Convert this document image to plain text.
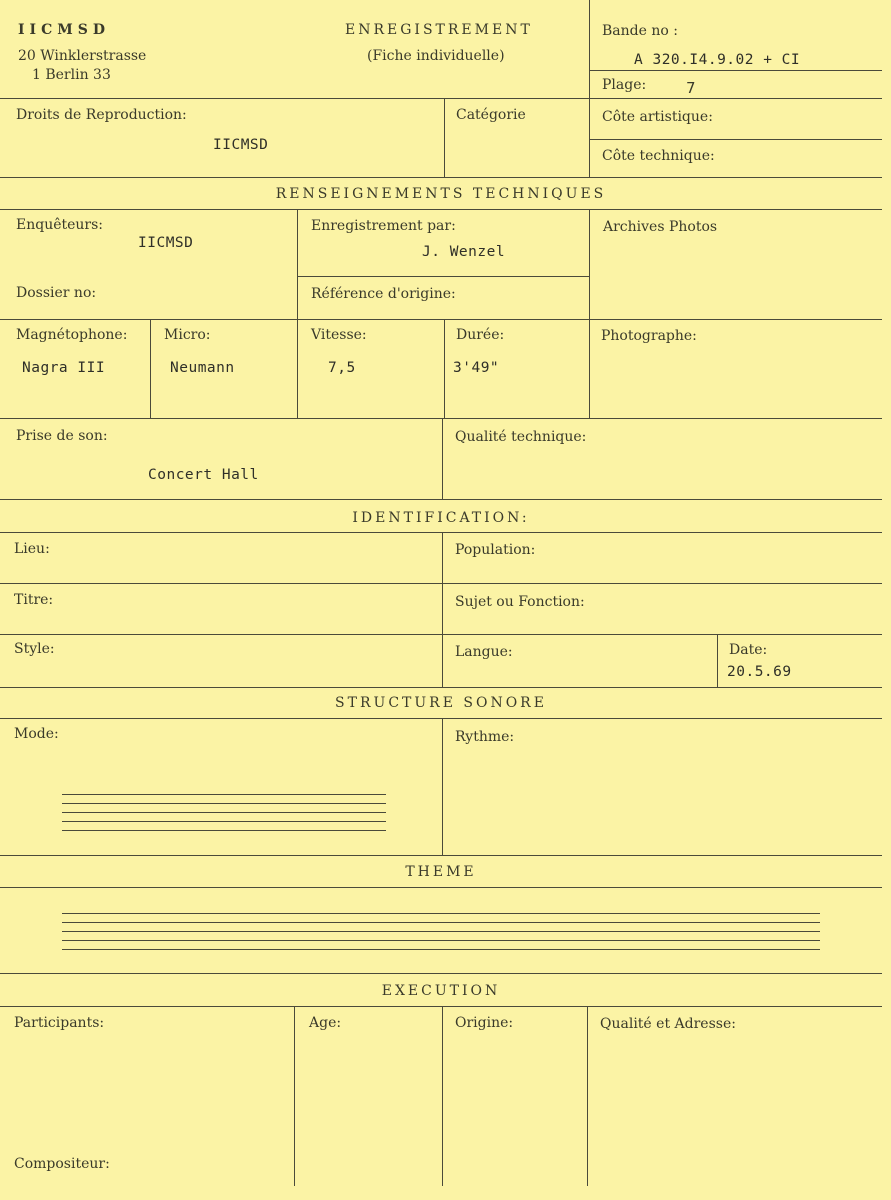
IICMSD
20 Winklerstrasse
1 Berlin 33
ENREGISTREMENT
(Fiche individuelle)
Bande no :
A 320.I4.9.02 + CI
Plage:	7
Droits de Reproduction:
IICMSD
Catégorie	Côte artistique:
Côte technique:
RENSEIGNEMENTS TECHNIQUES
Enquêteurs:
IICMSD
Enregistrement par:
J. Wenzel
Archives Photos
Dossier no:	Référence d'origine:
Magnétophone:
Nagra III
Micro:
Neumann
Vitesse:
7,5
Durée:
3'49"
Photographe:
Prise de son:
Concert Hall
Qualité technique:
IDENTIFICATION:
Lieu:	Population:
Titre:	Sujet ou Fonction:
Style:	Langue:	Date:
20.5.69
STRUCTURE SONORE
Mode:	Rythme:
THEME
EXECUTION
Participants:	Age:	Origine:	Qualité et Adresse:
Compositeur:
